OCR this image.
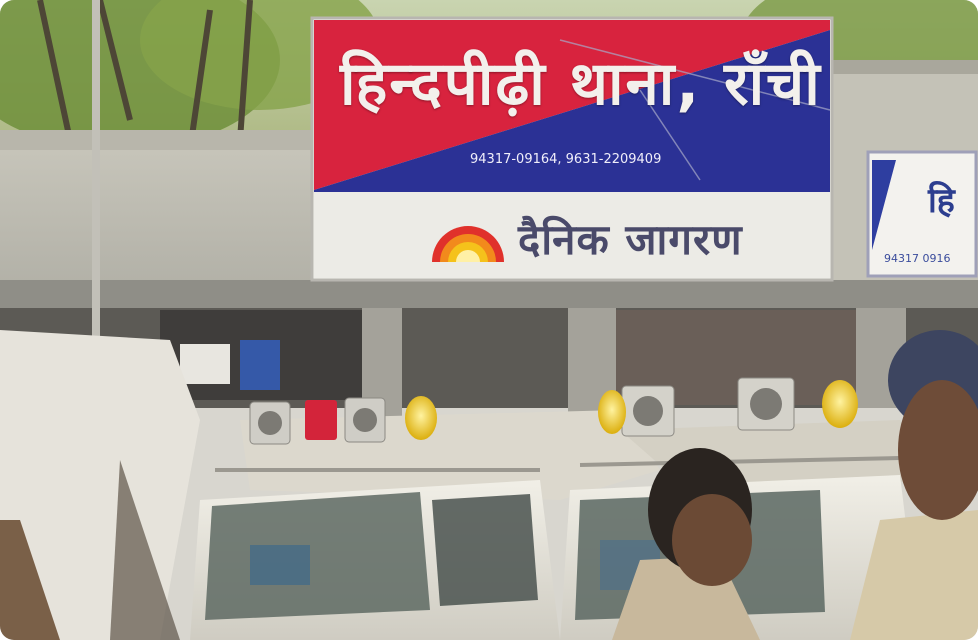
हिन्दपीढ़ी थाना, राँची
94317-09164, 9631-2209409
दैनिक जागरण
हि
94317 0916
